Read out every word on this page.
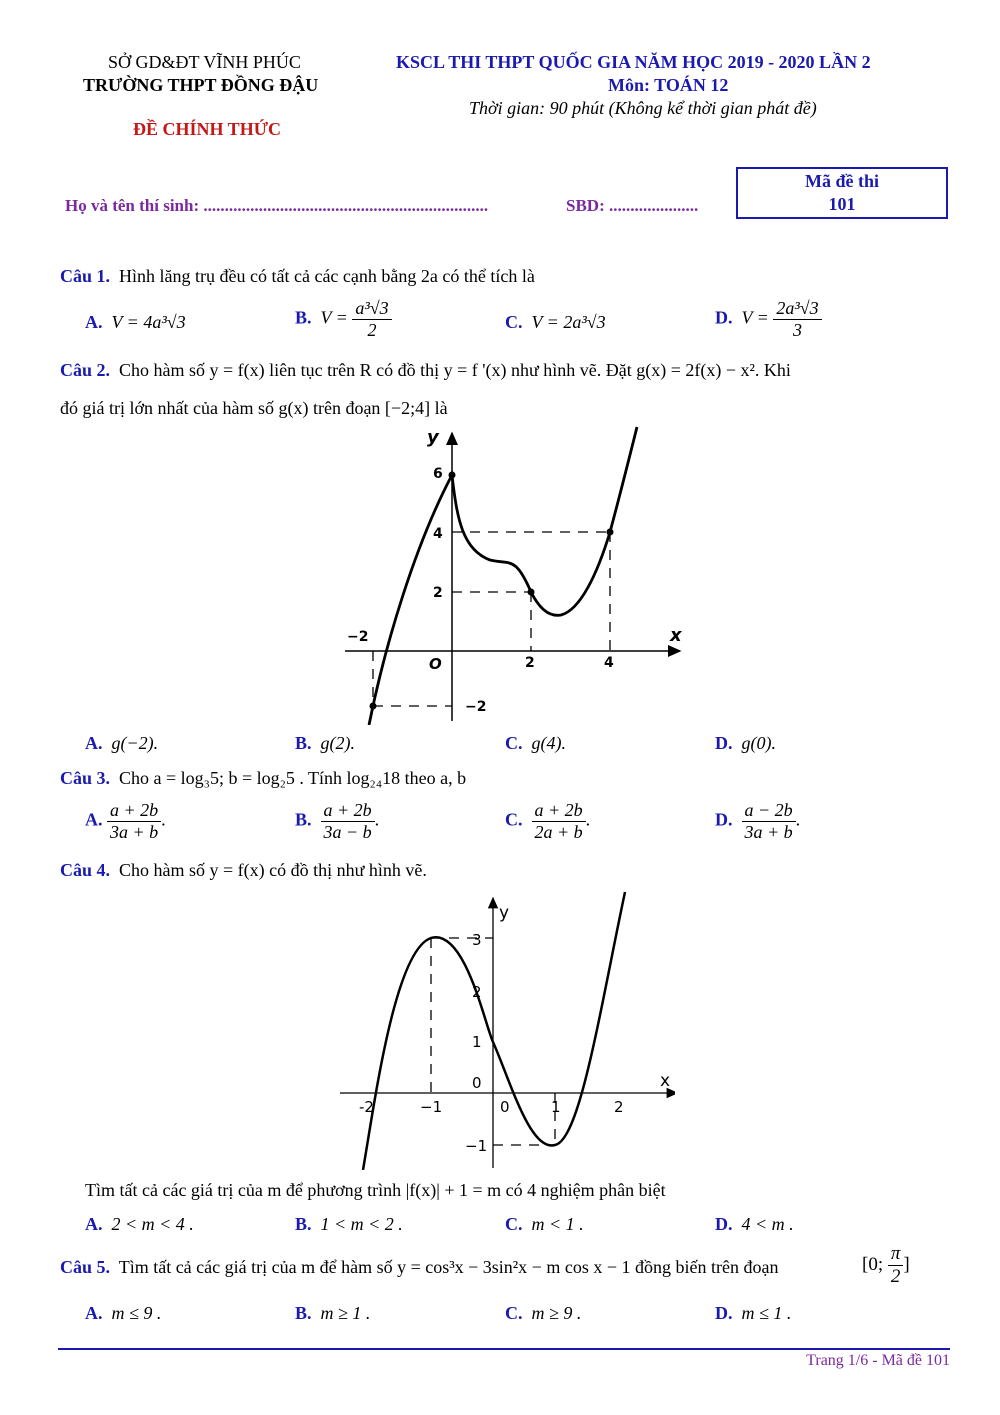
SỞ GD&ĐT VĨNH PHÚC
TRƯỜNG THPT ĐỒNG ĐẬU
ĐỀ CHÍNH THỨC
KSCL THI THPT QUỐC GIA NĂM HỌC 2019 - 2020 LẦN 2
Môn: TOÁN 12
Thời gian: 90 phút (Không kể thời gian phát đề)
Họ và tên thí sinh: ...................................................................	SBD: .....................
Mã đề thi
101
Câu 1. Hình lăng trụ đều có tất cả các cạnh bằng 2a có thể tích là
A. V = 4a³√3	B. $V = \frac{\text{a³√3}}{2}$	C. V = 2a³√3	D. $V = \frac{\text{2a³√3}}{3}$
Câu 2. Cho hàm số y = f(x) liên tục trên R có đồ thị y = f '(x) như hình vẽ. Đặt g(x) = 2f(x) − x². Khi
đó giá trị lớn nhất của hàm số g(x) trên đoạn [−2;4] là
y
x
O
6
4
2
−2
2	4
−2
A. g(−2).	B. g(2).	C. g(4).	D. g(0).
Câu 3. Cho a = log₃5; b = log₂5 . Tính log₂₄18 theo a, b
A. $\frac{a + 2b}{3a + b}$ .	B. $\frac{a + 2b}{3a - b}$ .	C. $\frac{a + 2b}{2a + b}$ .	D. $\frac{a - 2b}{3a + b}$ .
Câu 4. Cho hàm số y = f(x) có đồ thị như hình vẽ.
y
x
3
2
1
0
−1
-2	−1	0	1	2
Tìm tất cả các giá trị của m để phương trình |f(x)| + 1 = m có 4 nghiệm phân biệt
A. 2 < m < 4 .	B. 1 < m < 2 .	C. m < 1 .	D. 4 < m .
Câu 5. Tìm tất cả các giá trị của m để hàm số y = cos³x − 3sin²x − m cos x − 1 đồng biến trên đoạn	[0; $\frac{\pi}{2}$ ]
A. m ≤ 9 .	B. m ≥ 1 .	C. m ≥ 9 .	D. m ≤ 1 .
Trang 1/6 - Mã đề 101
